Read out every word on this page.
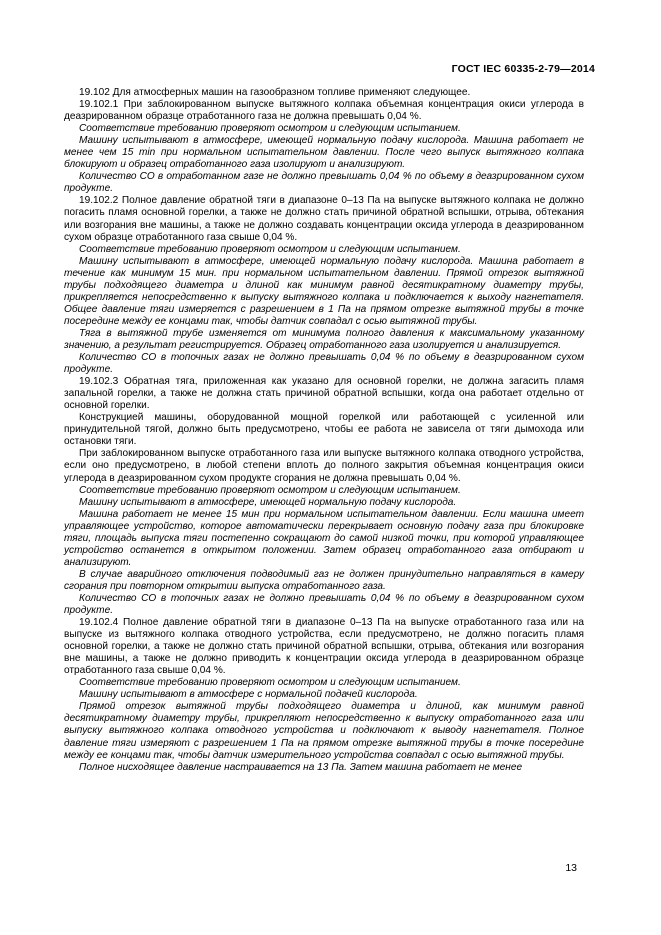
ГОСТ IEC 60335-2-79—2014

19.102 Для атмосферных машин на газообразном топливе применяют следующее.

19.102.1 При заблокированном выпуске вытяжного колпака объемная концентрация окиси углерода в деазрированном образце отработанного газа не должна превышать 0,04 %.

Соответствие требованию проверяют осмотром и следующим испытанием.

Машину испытывают в атмосфере, имеющей нормальную подачу кислорода. Машина работает не менее чем 15 min при нормальном испытательном давлении. После чего выпуск вытяжного колпака блокируют и образец отработанного газа изолируют и анализируют.

Количество СО в отработанном газе не должно превышать 0,04 % по объему в деазрированном сухом продукте.

19.102.2 Полное давление обратной тяги в диапазоне 0–13 Па на выпуске вытяжного колпака не должно погасить пламя основной горелки, а также не должно стать причиной обратной вспышки, отрыва, обтекания или возгорания вне машины, а также не должно создавать концентрации оксида углерода в деазрированном сухом образце отработанного газа свыше 0,04 %.

Соответствие требованию проверяют осмотром и следующим испытанием.

Машину испытывают в атмосфере, имеющей нормальную подачу кислорода. Машина работает в течение как минимум 15 мин. при нормальном испытательном давлении. Прямой отрезок вытяжной трубы подходящего диаметра и длиной как минимум равной десятикратному диаметру трубы, прикрепляется непосредственно к выпуску вытяжного колпака и подключается к выходу нагнетателя. Общее давление тяги измеряется с разрешением в 1 Па на прямом отрезке вытяжной трубы в точке посередине между ее концами так, чтобы датчик совпадал с осью вытяжной трубы.

Тяга в вытяжной трубе изменяется от минимума полного давления к максимальному указанному значению, а результат регистрируется. Образец отработанного газа изолируется и анализируется.

Количество СО в топочных газах не должно превышать 0,04 % по объему в деазрированном сухом продукте.

19.102.3 Обратная тяга, приложенная как указано для основной горелки, не должна загасить пламя запальной горелки, а также не должна стать причиной обратной вспышки, когда она работает отдельно от основной горелки.

Конструкцией машины, оборудованной мощной горелкой или работающей с усиленной или принудительной тягой, должно быть предусмотрено, чтобы ее работа не зависела от тяги дымохода или остановки тяги.

При заблокированном выпуске отработанного газа или выпуске вытяжного колпака отводного устройства, если оно предусмотрено, в любой степени вплоть до полного закрытия объемная концентрация окиси углерода в деазрированном сухом продукте сгорания не должна превышать 0,04 %.

Соответствие требованию проверяют осмотром и следующим испытанием.

Машину испытывают в атмосфере, имеющей нормальную подачу кислорода.

Машина работает не менее 15 мин при нормальном испытательном давлении. Если машина имеет управляющее устройство, которое автоматически перекрывает основную подачу газа при блокировке тяги, площадь выпуска тяги постепенно сокращают до самой низкой точки, при которой управляющее устройство останется в открытом положении. Затем образец отработанного газа отбирают и анализируют.

В случае аварийного отключения подводимый газ не должен принудительно направляться в камеру сгорания при повторном открытии выпуска отработанного газа.

Количество СО в топочных газах не должно превышать 0,04 % по объему в деазрированном сухом продукте.

19.102.4 Полное давление обратной тяги в диапазоне 0–13 Па на выпуске отработанного газа или на выпуске из вытяжного колпака отводного устройства, если предусмотрено, не должно погасить пламя основной горелки, а также не должно стать причиной обратной вспышки, отрыва, обтекания или возгорания вне машины, а также не должно приводить к концентрации оксида углерода в деазрированном образце отработанного газа свыше 0,04 %.

Соответствие требованию проверяют осмотром и следующим испытанием.

Машину испытывают в атмосфере с нормальной подачей кислорода.

Прямой отрезок вытяжной трубы подходящего диаметра и длиной, как минимум равной десятикратному диаметру трубы, прикрепляют непосредственно к выпуску отработанного газа или выпуску вытяжного колпака отводного устройства и подключают к выводу нагнетателя. Полное давление тяги измеряют с разрешением 1 Па на прямом отрезке вытяжной трубы в точке посередине между ее концами так, чтобы датчик измерительного устройства совпадал с осью вытяжной трубы.

Полное нисходящее давление настраивается на 13 Па. Затем машина работает не менее

13
